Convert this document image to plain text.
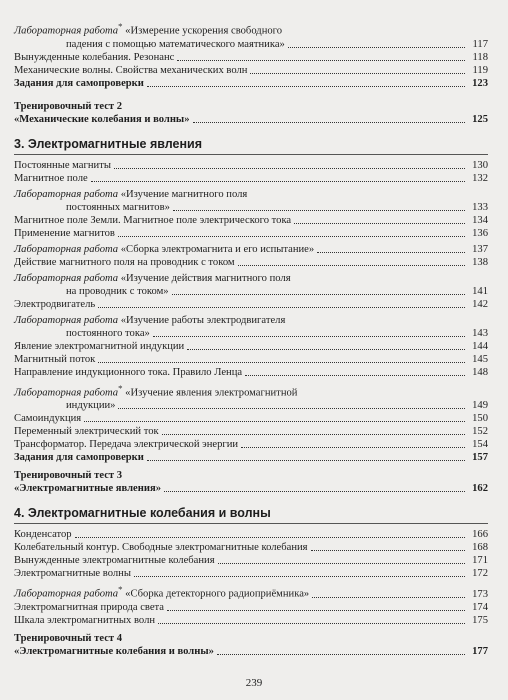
Лабораторная работа* «Измерение ускорения свободного
падения с помощью математического маятника»	117
Вынужденные колебания. Резонанс	118
Механические волны. Свойства механических волн	119
Задания для самопроверки	123
Тренировочный тест 2
«Механические колебания и волны»	125
3. Электромагнитные явления
Постоянные магниты	130
Магнитное поле	132
Лабораторная работа «Изучение магнитного поля
постоянных магнитов»	133
Магнитное поле Земли. Магнитное поле электрического тока	134
Применение магнитов	136
Лабораторная работа «Сборка электромагнита и его испытание»	137
Действие магнитного поля на проводник с током	138
Лабораторная работа «Изучение действия магнитного поля
на проводник с током»	141
Электродвигатель	142
Лабораторная работа «Изучение работы электродвигателя
постоянного тока»	143
Явление электромагнитной индукции	144
Магнитный поток	145
Направление индукционного тока. Правило Ленца	148
Лабораторная работа* «Изучение явления электромагнитной
индукции»	149
Самоиндукция	150
Переменный электрический ток	152
Трансформатор. Передача электрической энергии	154
Задания для самопроверки	157
Тренировочный тест 3
«Электромагнитные явления»	162
4. Электромагнитные колебания и волны
Конденсатор	166
Колебательный контур. Свободные электромагнитные колебания	168
Вынужденные электромагнитные колебания	171
Электромагнитные волны	172
Лабораторная работа* «Сборка детекторного радиоприёмника»	173
Электромагнитная природа света	174
Шкала электромагнитных волн	175
Тренировочный тест 4
«Электромагнитные колебания и волны»	177
239
